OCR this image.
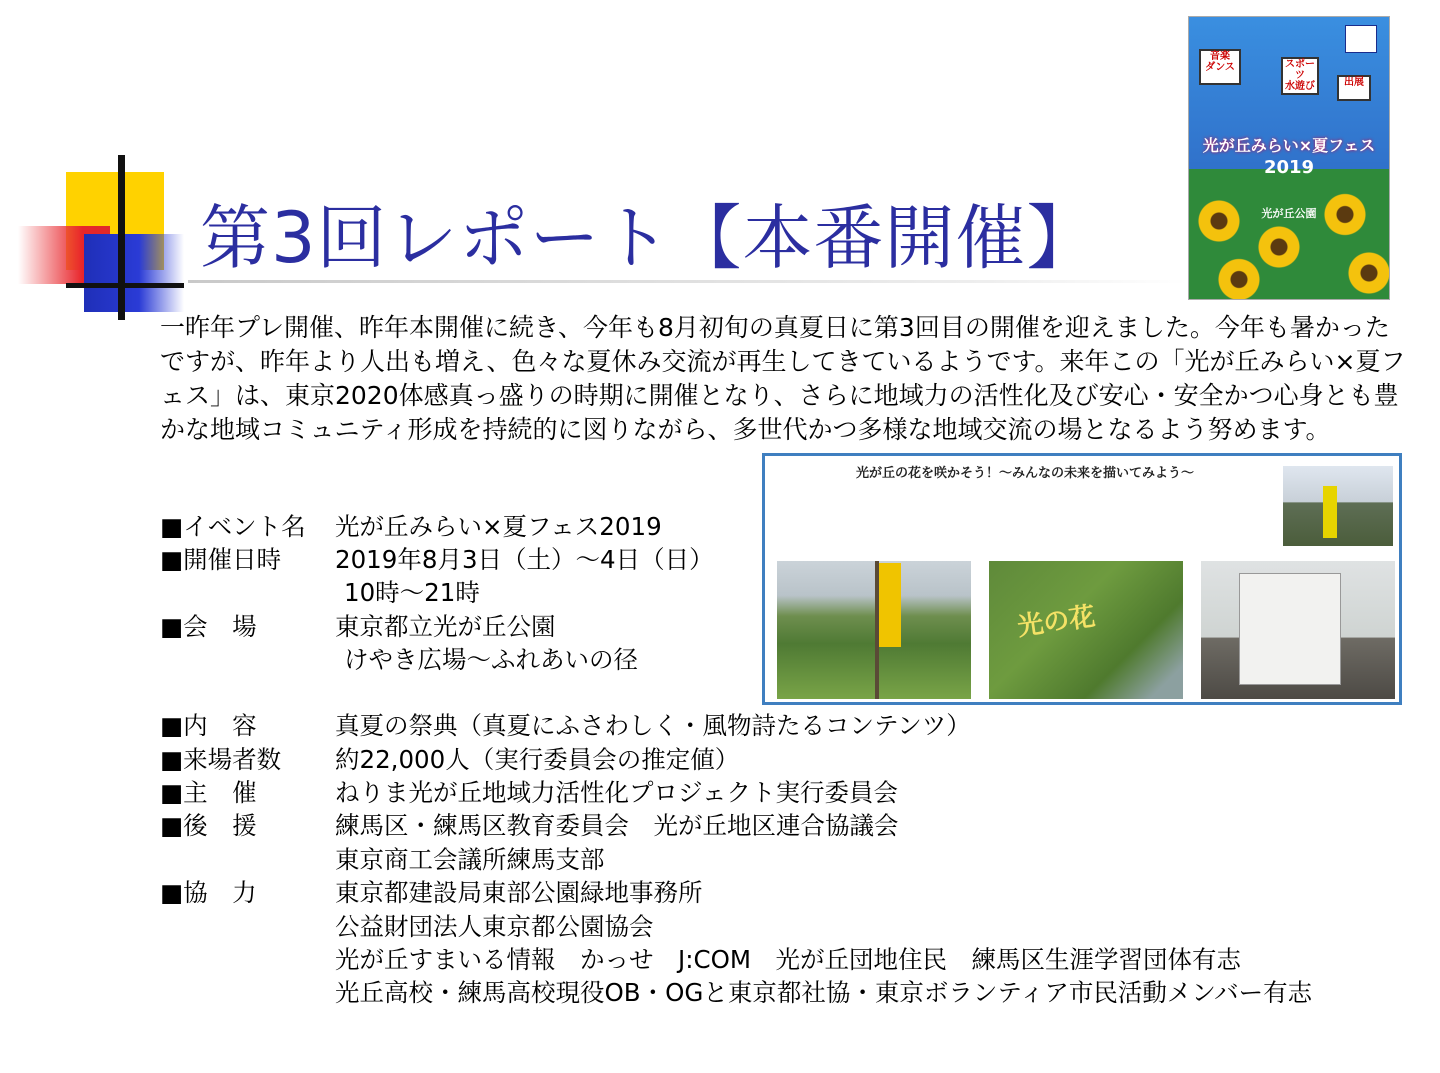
第3回レポート【本番開催】
音楽
ダンス	スポーツ
水遊び	出展
光が丘みらい×夏フェス
2019
光が丘公園

一昨年プレ開催、昨年本開催に続き、今年も8月初旬の真夏日に第3回目の開催を迎えました。今年も暑かったですが、昨年より人出も増え、色々な夏休み交流が再生してきているようです。来年この「光が丘みらい×夏フェス」は、東京2020体感真っ盛りの時期に開催となり、さらに地域力の活性化及び安心・安全かつ心身とも豊かな地域コミュニティ形成を持続的に図りながら、多世代かつ多様な地域交流の場となるよう努めます。

■イベント名 光が丘みらい×夏フェス2019
■開催日時 2019年8月3日（土）～4日（日）
10時～21時
■会　場	東京都立光が丘公園
けやき広場～ふれあいの径
■内　容	真夏の祭典（真夏にふさわしく・風物詩たるコンテンツ）
■来場者数 約22,000人（実行委員会の推定値）
■主　催	ねりま光が丘地域力活性化プロジェクト実行委員会
■後　援	練馬区・練馬区教育委員会　光が丘地区連合協議会
東京商工会議所練馬支部
■協　力	東京都建設局東部公園緑地事務所
公益財団法人東京都公園協会
光が丘すまいる情報　かっせ　J:COM　光が丘団地住民　練馬区生涯学習団体有志
光丘高校・練馬高校現役OB・OGと東京都社協・東京ボランティア市民活動メンバー有志
光が丘の花を咲かそう！～みんなの未来を描いてみよう～
光の花
